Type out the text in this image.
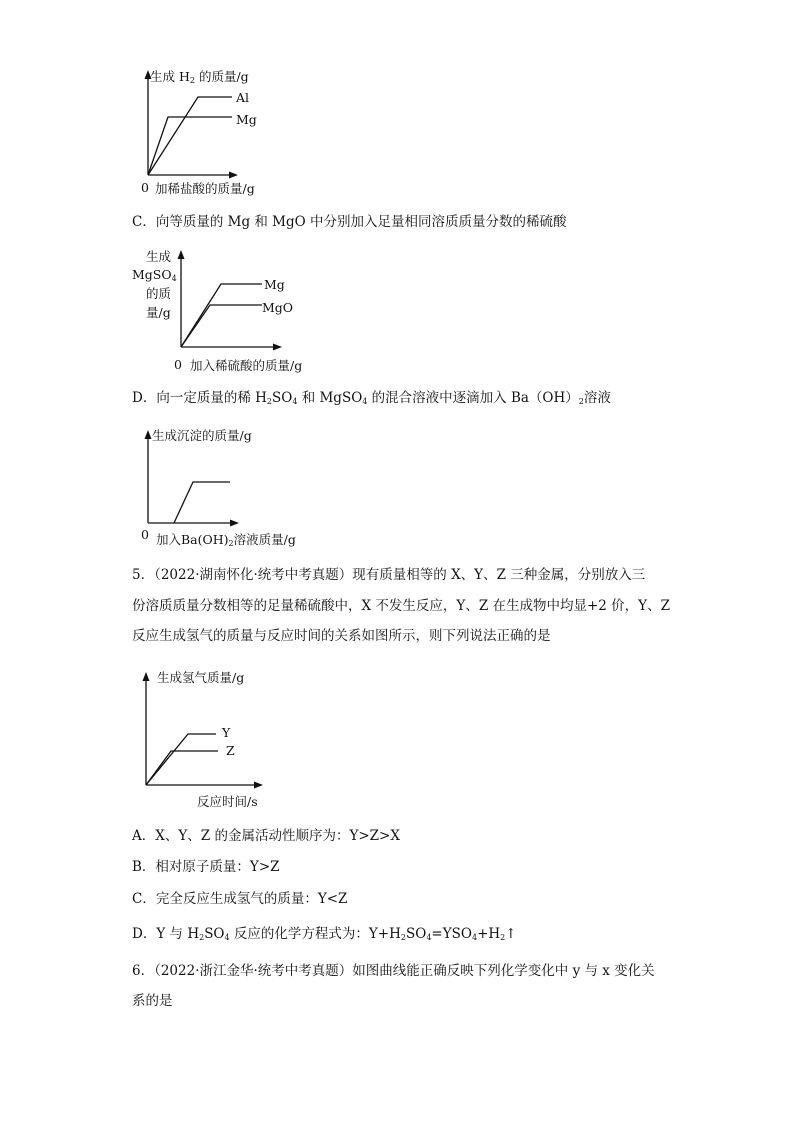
生成 $H_2$ 的质量/g
Al
Mg
0 加稀盐酸的质量/g
C．向等质量的 Mg 和 MgO 中分别加入足量相同溶质质量分数的稀硫酸
生成
MgSO$_4$
的质
量/g
Mg
MgO
0 加入稀硫酸的质量/g
D．向一定质量的稀 $H_2SO_4$ 和 MgSO$_4$ 的混合溶液中逐滴加入 $Ba(OH)_2$溶液
生成沉淀的质量/g
0 加入$Ba(OH)_2$溶液质量/g
5．（2022·湖南怀化·统考中考真题）现有质量相等的 X、Y、Z 三种金属，分别放入三
份溶质质量分数相等的足量稀硫酸中，X 不发生反应，Y、Z 在生成物中均显+2 价，Y、Z
反应生成氢气的质量与反应时间的关系如图所示，则下列说法正确的是
生成氢气质量/g
Y
Z
反应时间/s
A．X、Y、Z 的金属活动性顺序为：Y>Z>X
B．相对原子质量：Y>Z
C．完全反应生成氢气的质量：Y<Z
D．Y 与 $H_2SO_4$ 反应的化学方程式为：$Y+H_2SO_4=YSO_4+H_2↑$
6．（2022·浙江金华·统考中考真题）如图曲线能正确反映下列化学变化中 y 与 x 变化关
系的是
